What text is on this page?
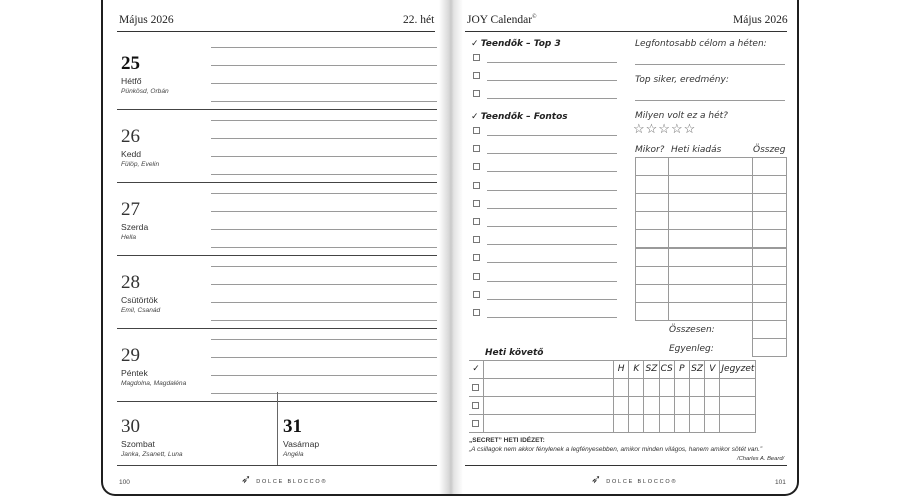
Május 2026	22. hét
25
Hétfő
Pünkösd, Orbán
26
Kedd
Fülöp, Evelin
27
Szerda
Hella
28
Csütörtök
Emil, Csanád
29
Péntek
Magdolna, Magdaléna
30
Szombat
Janka, Zsanett, Luna
31
Vasárnap
Angéla
100	➶ DOLCE BLOCCO®
JOY Calendar©	Május 2026
✓ Teendők – Top 3
✓ Teendők – Fontos
Legfontosabb célom a héten:
Top siker, eredmény:
Milyen volt ez a hét?
☆☆☆☆☆
Mikor? Heti kiadás	Összeg
Összesen:
Egyenleg:
Heti követő
✓	H K SZ CS P SZ V Jegyzet
„SECRET” HETI IDÉZET:
„A csillagok nem akkor fénylenek a legfényesebben, amikor minden világos, hanem amikor sötét van.”
/Charles A. Beard/
➶ DOLCE BLOCCO®	101
